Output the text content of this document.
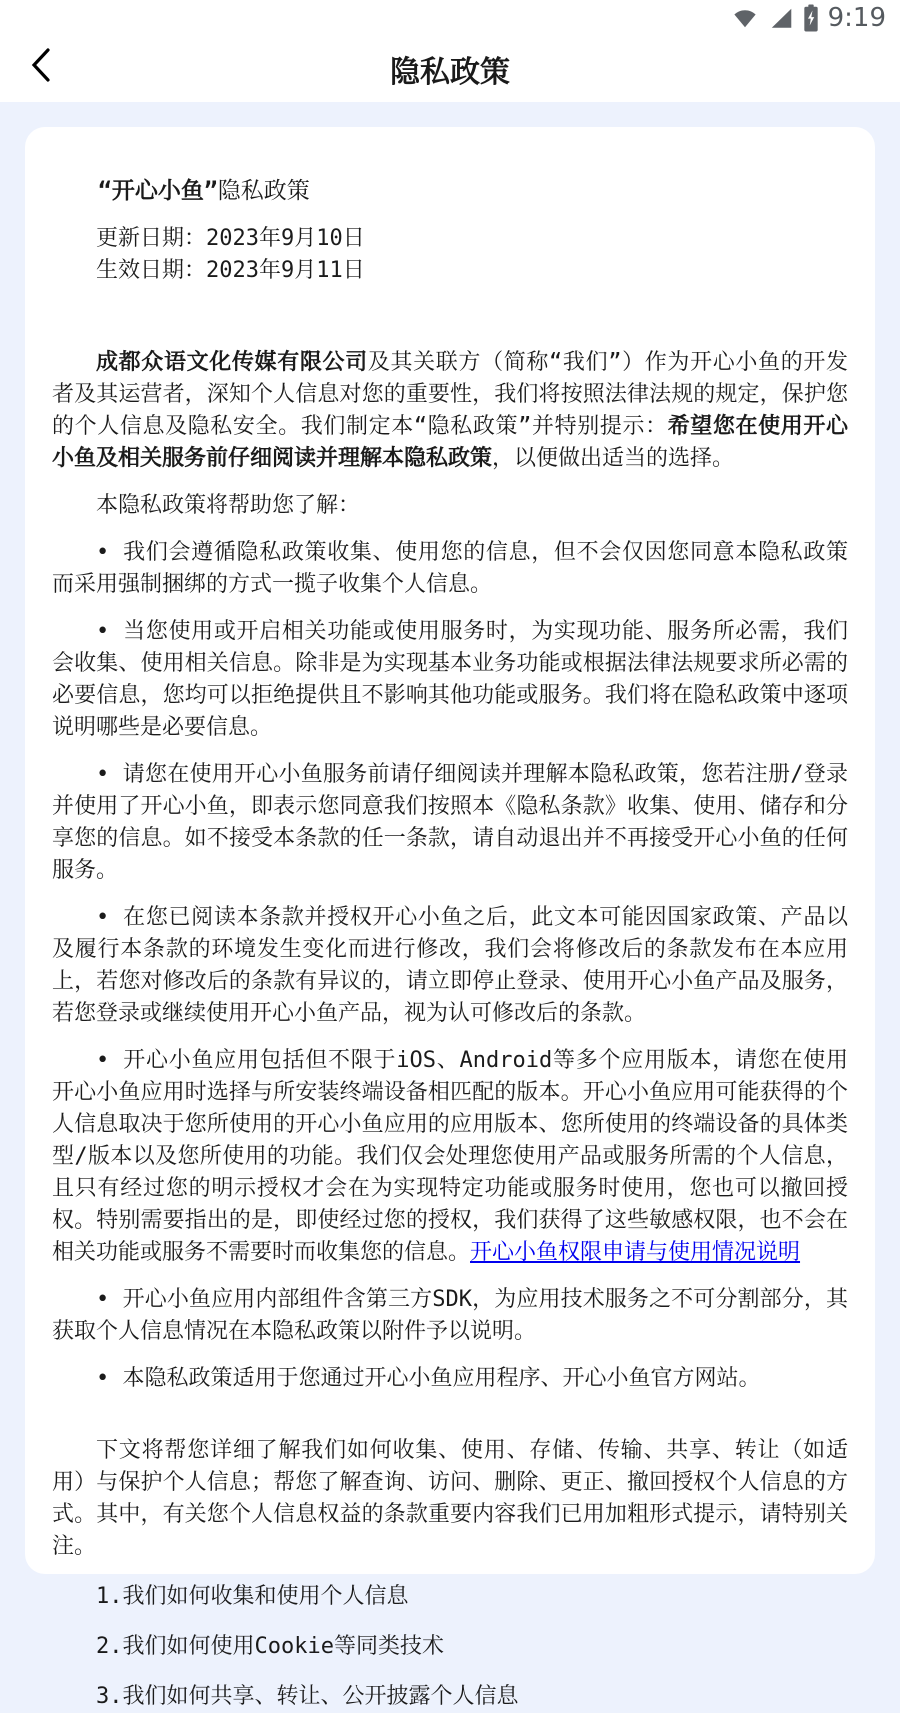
9:19
隐私政策

“开心小鱼”隐私政策

更新日期：2023年9月10日

生效日期：2023年9月11日

成都众语文化传媒有限公司及其关联方（简称“我们”）作为开心小鱼的开发者及其运营者，深知个人信息对您的重要性，我们将按照法律法规的规定，保护您的个人信息及隐私安全。我们制定本“隐私政策”并特别提示：希望您在使用开心小鱼及相关服务前仔细阅读并理解本隐私政策，以便做出适当的选择。

本隐私政策将帮助您了解：

• 我们会遵循隐私政策收集、使用您的信息，但不会仅因您同意本隐私政策而采用强制捆绑的方式一揽子收集个人信息。

• 当您使用或开启相关功能或使用服务时，为实现功能、服务所必需，我们会收集、使用相关信息。除非是为实现基本业务功能或根据法律法规要求所必需的必要信息，您均可以拒绝提供且不影响其他功能或服务。我们将在隐私政策中逐项说明哪些是必要信息。

• 请您在使用开心小鱼服务前请仔细阅读并理解本隐私政策，您若注册/登录并使用了开心小鱼，即表示您同意我们按照本《隐私条款》收集、使用、储存和分享您的信息。如不接受本条款的任一条款，请自动退出并不再接受开心小鱼的任何服务。

• 在您已阅读本条款并授权开心小鱼之后，此文本可能因国家政策、产品以及履行本条款的环境发生变化而进行修改，我们会将修改后的条款发布在本应用上，若您对修改后的条款有异议的，请立即停止登录、使用开心小鱼产品及服务，若您登录或继续使用开心小鱼产品，视为认可修改后的条款。

• 开心小鱼应用包括但不限于iOS、Android等多个应用版本，请您在使用开心小鱼应用时选择与所安装终端设备相匹配的版本。开心小鱼应用可能获得的个人信息取决于您所使用的开心小鱼应用的应用版本、您所使用的终端设备的具体类型/版本以及您所使用的功能。我们仅会处理您使用产品或服务所需的个人信息，且只有经过您的明示授权才会在为实现特定功能或服务时使用，您也可以撤回授权。特别需要指出的是，即使经过您的授权，我们获得了这些敏感权限，也不会在相关功能或服务不需要时而收集您的信息。开心小鱼权限申请与使用情况说明

• 开心小鱼应用内部组件含第三方SDK，为应用技术服务之不可分割部分，其获取个人信息情况在本隐私政策以附件予以说明。

• 本隐私政策适用于您通过开心小鱼应用程序、开心小鱼官方网站。

下文将帮您详细了解我们如何收集、使用、存储、传输、共享、转让（如适用）与保护个人信息；帮您了解查询、访问、删除、更正、撤回授权个人信息的方式。其中，有关您个人信息权益的条款重要内容我们已用加粗形式提示，请特别关注。

1.我们如何收集和使用个人信息

2.我们如何使用Cookie等同类技术

3.我们如何共享、转让、公开披露个人信息
